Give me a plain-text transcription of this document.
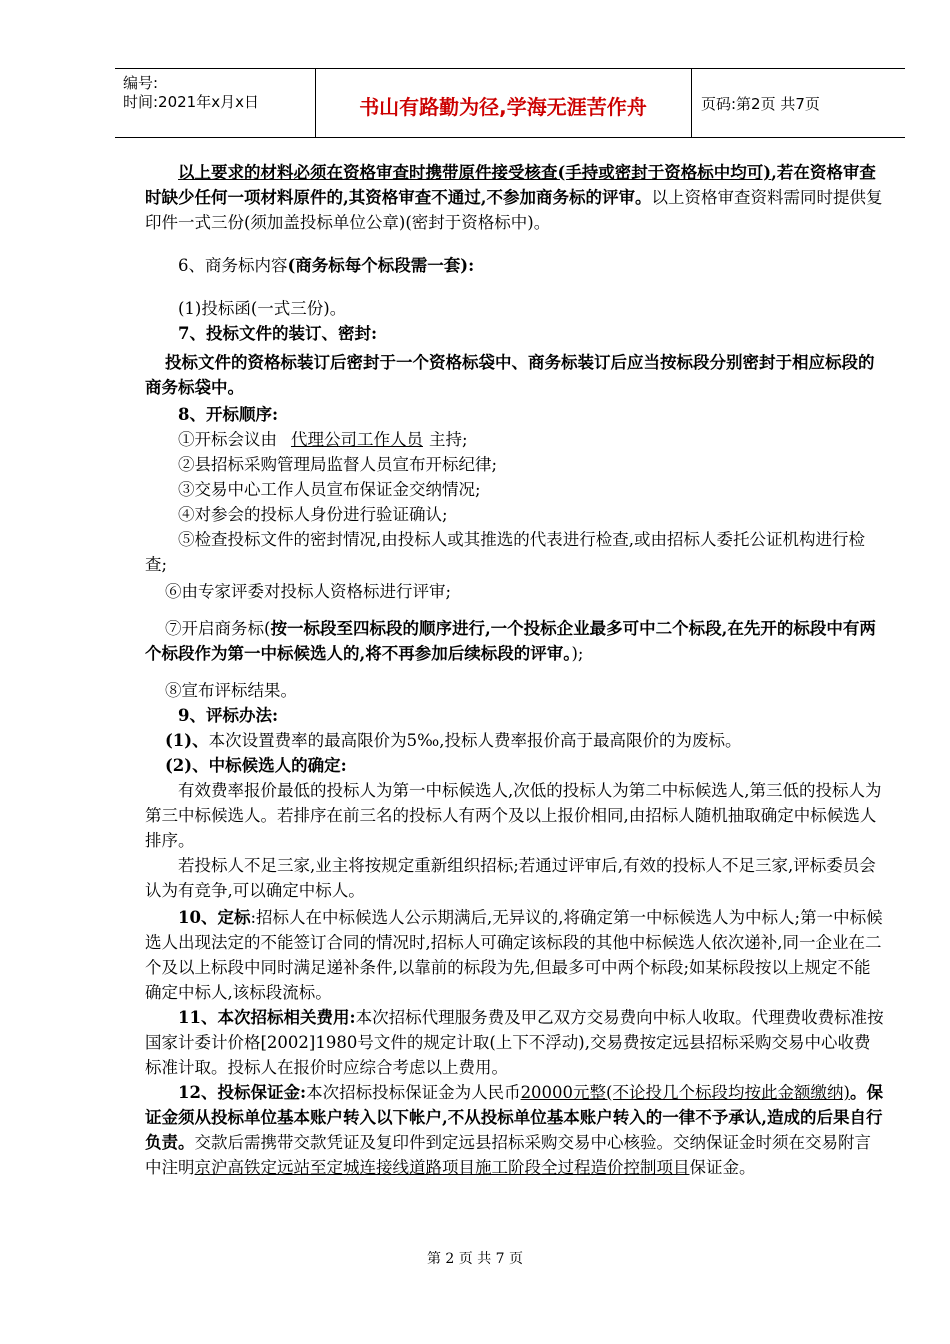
编号:
时间:2021年x月x日	书山有路勤为径,学海无涯苦作舟	页码:第2页 共7页

以上要求的材料必须在资格审查时携带原件接受核查(手持或密封于资格标中均可),若在资格审查时缺少任何一项材料原件的,其资格审查不通过,不参加商务标的评审。以上资格审查资料需同时提供复印件一式三份(须加盖投标单位公章)(密封于资格标中)。

6、商务标内容(商务标每个标段需一套):

(1)投标函(一式三份)。

7、投标文件的装订、密封:

投标文件的资格标装订后密封于一个资格标袋中、商务标装订后应当按标段分别密封于相应标段的商务标袋中。

8、开标顺序:

①开标会议由 代理公司工作人员 主持;

②县招标采购管理局监督人员宣布开标纪律;

③交易中心工作人员宣布保证金交纳情况;

④对参会的投标人身份进行验证确认;

⑤检查投标文件的密封情况,由投标人或其推选的代表进行检查,或由招标人委托公证机构进行检查;

⑥由专家评委对投标人资格标进行评审;

⑦开启商务标(按一标段至四标段的顺序进行,一个投标企业最多可中二个标段,在先开的标段中有两个标段作为第一中标候选人的,将不再参加后续标段的评审。);

⑧宣布评标结果。

9、评标办法:

(1)、本次设置费率的最高限价为5‰,投标人费率报价高于最高限价的为废标。

(2)、中标候选人的确定:

有效费率报价最低的投标人为第一中标候选人,次低的投标人为第二中标候选人,第三低的投标人为第三中标候选人。若排序在前三名的投标人有两个及以上报价相同,由招标人随机抽取确定中标候选人排序。

若投标人不足三家,业主将按规定重新组织招标;若通过评审后,有效的投标人不足三家,评标委员会认为有竞争,可以确定中标人。

10、定标:招标人在中标候选人公示期满后,无异议的,将确定第一中标候选人为中标人;第一中标候选人出现法定的不能签订合同的情况时,招标人可确定该标段的其他中标候选人依次递补,同一企业在二个及以上标段中同时满足递补条件,以靠前的标段为先,但最多可中两个标段;如某标段按以上规定不能确定中标人,该标段流标。

11、本次招标相关费用:本次招标代理服务费及甲乙双方交易费向中标人收取。代理费收费标准按国家计委计价格[2002]1980号文件的规定计取(上下不浮动),交易费按定远县招标采购交易中心收费标准计取。投标人在报价时应综合考虑以上费用。

12、投标保证金:本次招标投标保证金为人民币20000元整(不论投几个标段均按此金额缴纳)。保证金须从投标单位基本账户转入以下帐户,不从投标单位基本账户转入的一律不予承认,造成的后果自行负责。交款后需携带交款凭证及复印件到定远县招标采购交易中心核验。交纳保证金时须在交易附言中注明京沪高铁定远站至定城连接线道路项目施工阶段全过程造价控制项目保证金。

第 2 页 共 7 页
